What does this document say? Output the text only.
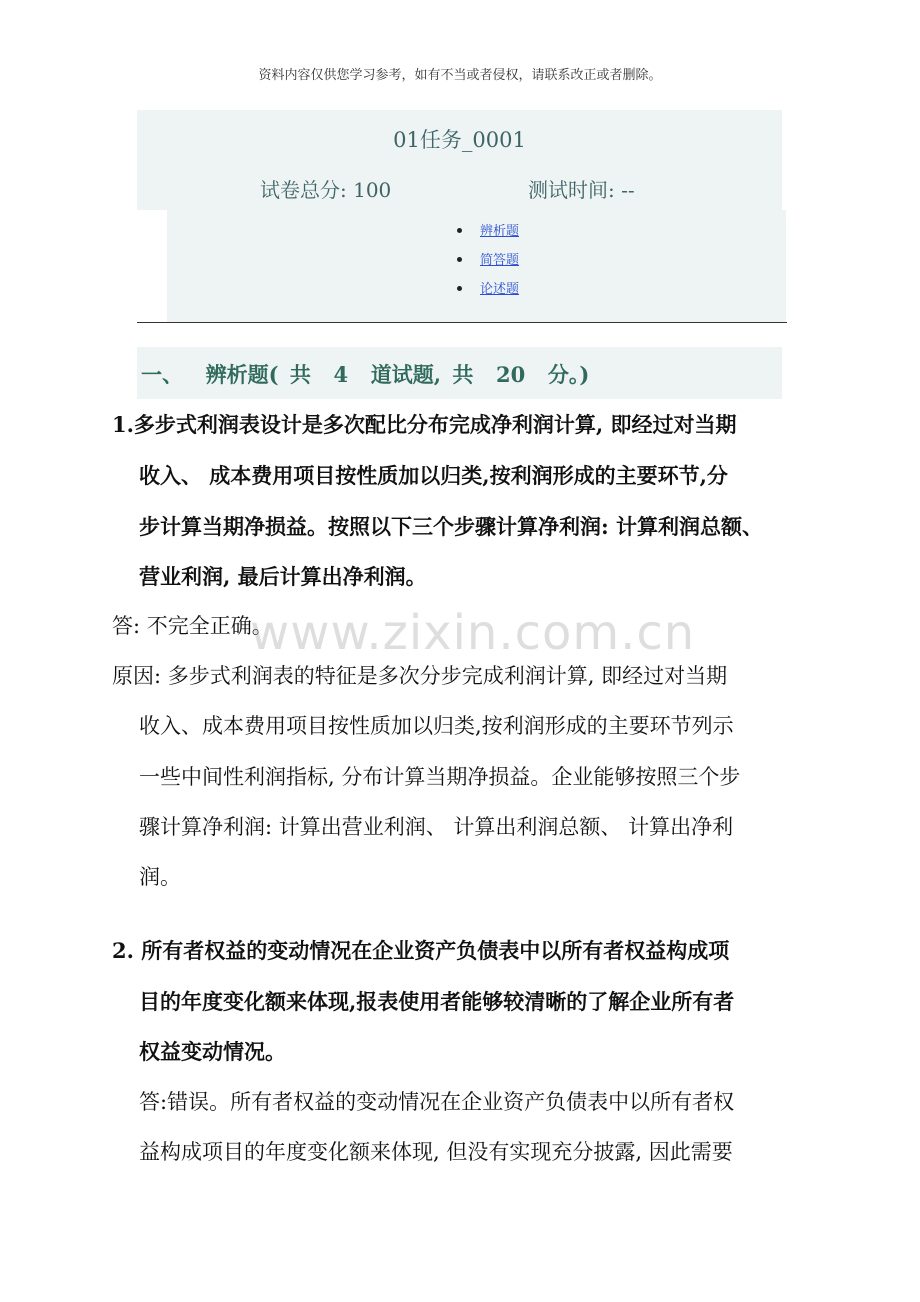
资料内容仅供您学习参考，如有不当或者侵权，请联系改正或者删除。
01任务_0001
试卷总分: 100	测试时间: --
辨析题
简答题
论述题
一、  辨析题( 共  4  道试题, 共  20  分。)
1.多步式利润表设计是多次配比分布完成净利润计算, 即经过对当期
收入、 成本费用项目按性质加以归类,按利润形成的主要环节,分
步计算当期净损益。按照以下三个步骤计算净利润: 计算利润总额、
营业利润, 最后计算出净利润。
答: 不完全正确。
原因: 多步式利润表的特征是多次分步完成利润计算, 即经过对当期
收入、成本费用项目按性质加以归类,按利润形成的主要环节列示
一些中间性利润指标, 分布计算当期净损益。企业能够按照三个步
骤计算净利润: 计算出营业利润、 计算出利润总额、 计算出净利
润。
2. 所有者权益的变动情况在企业资产负债表中以所有者权益构成项
目的年度变化额来体现,报表使用者能够较清晰的了解企业所有者
权益变动情况。
答:错误。所有者权益的变动情况在企业资产负债表中以所有者权
益构成项目的年度变化额来体现, 但没有实现充分披露, 因此需要
www.zixin.com.cn
